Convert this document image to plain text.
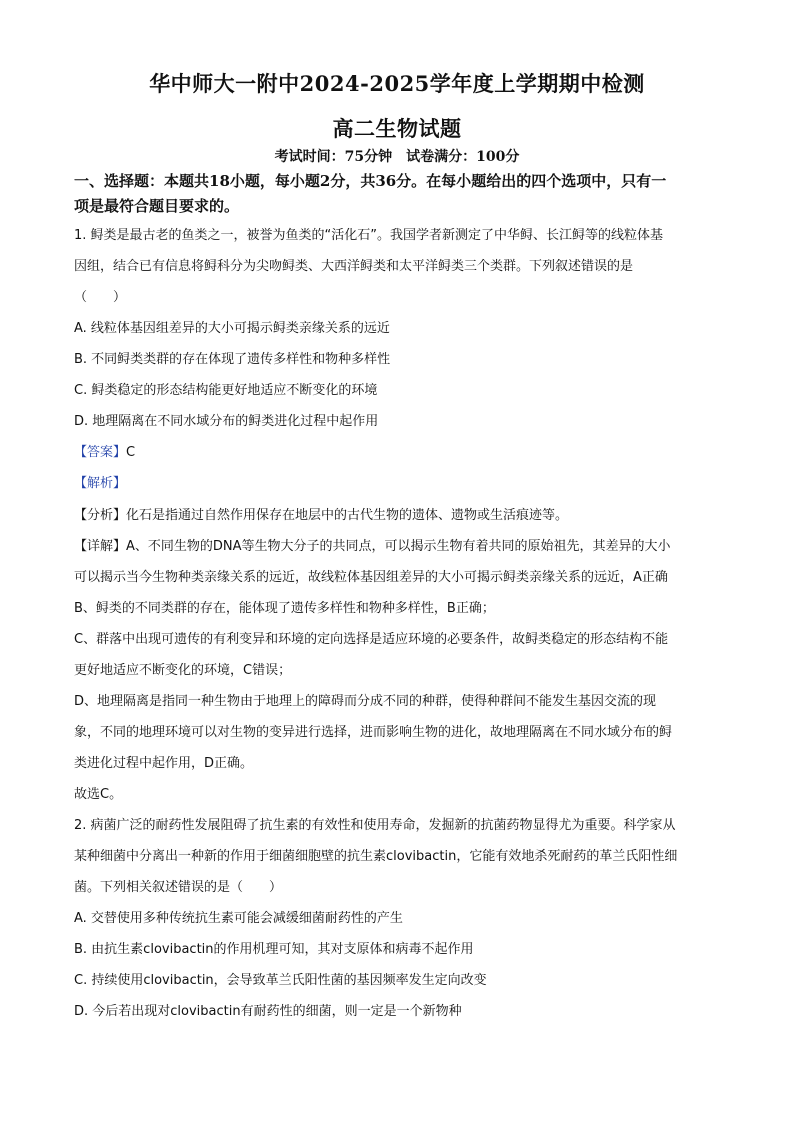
华中师大一附中2024-2025学年度上学期期中检测
高二生物试题
考试时间：75分钟　试卷满分：100分
一、选择题：本题共18小题，每小题2分，共36分。在每小题给出的四个选项中，只有一
项是最符合题目要求的。
1. 鲟类是最古老的鱼类之一，被誉为鱼类的“活化石”。我国学者新测定了中华鲟、长江鲟等的线粒体基
因组，结合已有信息将鲟科分为尖吻鲟类、大西洋鲟类和太平洋鲟类三个类群。下列叙述错误的是
（　　）
A. 线粒体基因组差异的大小可揭示鲟类亲缘关系的远近
B. 不同鲟类类群的存在体现了遗传多样性和物种多样性
C. 鲟类稳定的形态结构能更好地适应不断变化的环境
D. 地理隔离在不同水域分布的鲟类进化过程中起作用
【答案】C
【解析】
【分析】化石是指通过自然作用保存在地层中的古代生物的遗体、遗物或生活痕迹等。
【详解】A、不同生物的DNA等生物大分子的共同点，可以揭示生物有着共同的原始祖先，其差异的大小
可以揭示当今生物种类亲缘关系的远近，故线粒体基因组差异的大小可揭示鲟类亲缘关系的远近，A正确
B、鲟类的不同类群的存在，能体现了遗传多样性和物种多样性，B正确；
C、群落中出现可遗传的有利变异和环境的定向选择是适应环境的必要条件，故鲟类稳定的形态结构不能
更好地适应不断变化的环境，C错误；
D、地理隔离是指同一种生物由于地理上的障碍而分成不同的种群，使得种群间不能发生基因交流的现
象，不同的地理环境可以对生物的变异进行选择，进而影响生物的进化，故地理隔离在不同水域分布的鲟
类进化过程中起作用，D正确。
故选C。
2. 病菌广泛的耐药性发展阻碍了抗生素的有效性和使用寿命，发掘新的抗菌药物显得尤为重要。科学家从
某种细菌中分离出一种新的作用于细菌细胞壁的抗生素clovibactin，它能有效地杀死耐药的革兰氏阳性细
菌。下列相关叙述错误的是（　　）
A. 交替使用多种传统抗生素可能会减缓细菌耐药性的产生
B. 由抗生素clovibactin的作用机理可知，其对支原体和病毒不起作用
C. 持续使用clovibactin，会导致革兰氏阳性菌的基因频率发生定向改变
D. 今后若出现对clovibactin有耐药性的细菌，则一定是一个新物种
